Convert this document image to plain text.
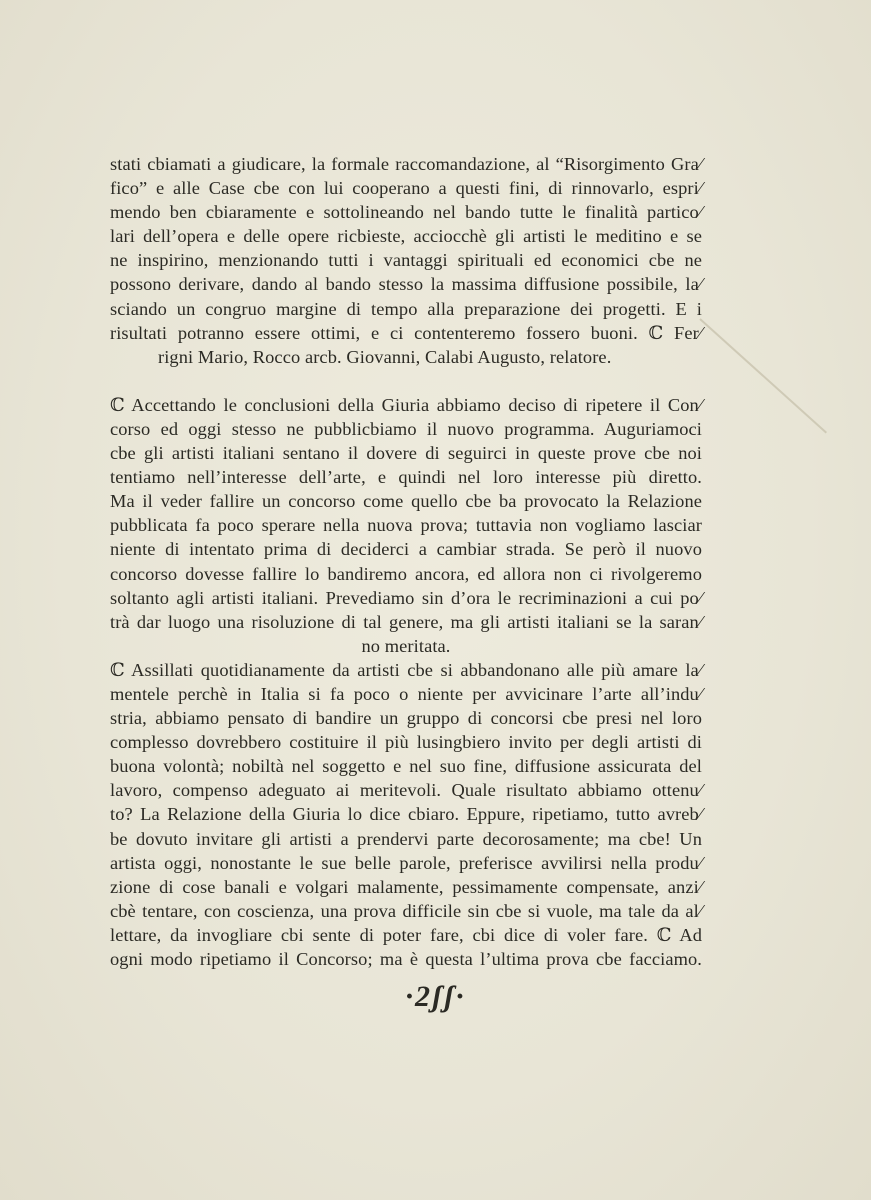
stati cbiamati a giudicare, la formale raccomandazione, al “Risorgimento Gra⁄
fico” e alle Case cbe con lui cooperano a questi fini, di rinnovarlo, espri⁄
mendo ben cbiaramente e sottolineando nel bando tutte le finalità partico⁄
lari dell’opera e delle opere ricbieste, acciocchè gli artisti le meditino e se
ne inspirino, menzionando tutti i vantaggi spirituali ed economici cbe ne
possono derivare, dando al bando stesso la massima diffusione possibile, la⁄
sciando un congruo margine di tempo alla preparazione dei progetti. E i
risultati potranno essere ottimi, e ci contenteremo fossero buoni. ℂ Fer⁄
rigni Mario, Rocco arcb. Giovanni, Calabi Augusto, relatore.
ℂ Accettando le conclusioni della Giuria abbiamo deciso di ripetere il Con⁄
corso ed oggi stesso ne pubblicbiamo il nuovo programma. Auguriamoci
cbe gli artisti italiani sentano il dovere di seguirci in queste prove cbe noi
tentiamo nell’interesse dell’arte, e quindi nel loro interesse più diretto.
Ma il veder fallire un concorso come quello cbe ba provocato la Relazione
pubblicata fa poco sperare nella nuova prova; tuttavia non vogliamo lasciar
niente di intentato prima di deciderci a cambiar strada. Se però il nuovo
concorso dovesse fallire lo bandiremo ancora, ed allora non ci rivolgeremo
soltanto agli artisti italiani. Prevediamo sin d’ora le recriminazioni a cui po⁄
trà dar luogo una risoluzione di tal genere, ma gli artisti italiani se la saran⁄
no meritata.
ℂ Assillati quotidianamente da artisti cbe si abbandonano alle più amare la⁄
mentele perchè in Italia si fa poco o niente per avvicinare l’arte all’indu⁄
stria, abbiamo pensato di bandire un gruppo di concorsi cbe presi nel loro
complesso dovrebbero costituire il più lusingbiero invito per degli artisti di
buona volontà; nobiltà nel soggetto e nel suo fine, diffusione assicurata del
lavoro, compenso adeguato ai meritevoli. Quale risultato abbiamo ottenu⁄
to? La Relazione della Giuria lo dice cbiaro. Eppure, ripetiamo, tutto avreb⁄
be dovuto invitare gli artisti a prendervi parte decorosamente; ma cbe! Un
artista oggi, nonostante le sue belle parole, preferisce avvilirsi nella produ⁄
zione di cose banali e volgari malamente, pessimamente compensate, anzi⁄
cbè tentare, con coscienza, una prova difficile sin cbe si vuole, ma tale da al⁄
lettare, da invogliare cbi sente di poter fare, cbi dice di voler fare. ℂ Ad
ogni modo ripetiamo il Concorso; ma è questa l’ultima prova cbe facciamo.
·2ʃʃ·
